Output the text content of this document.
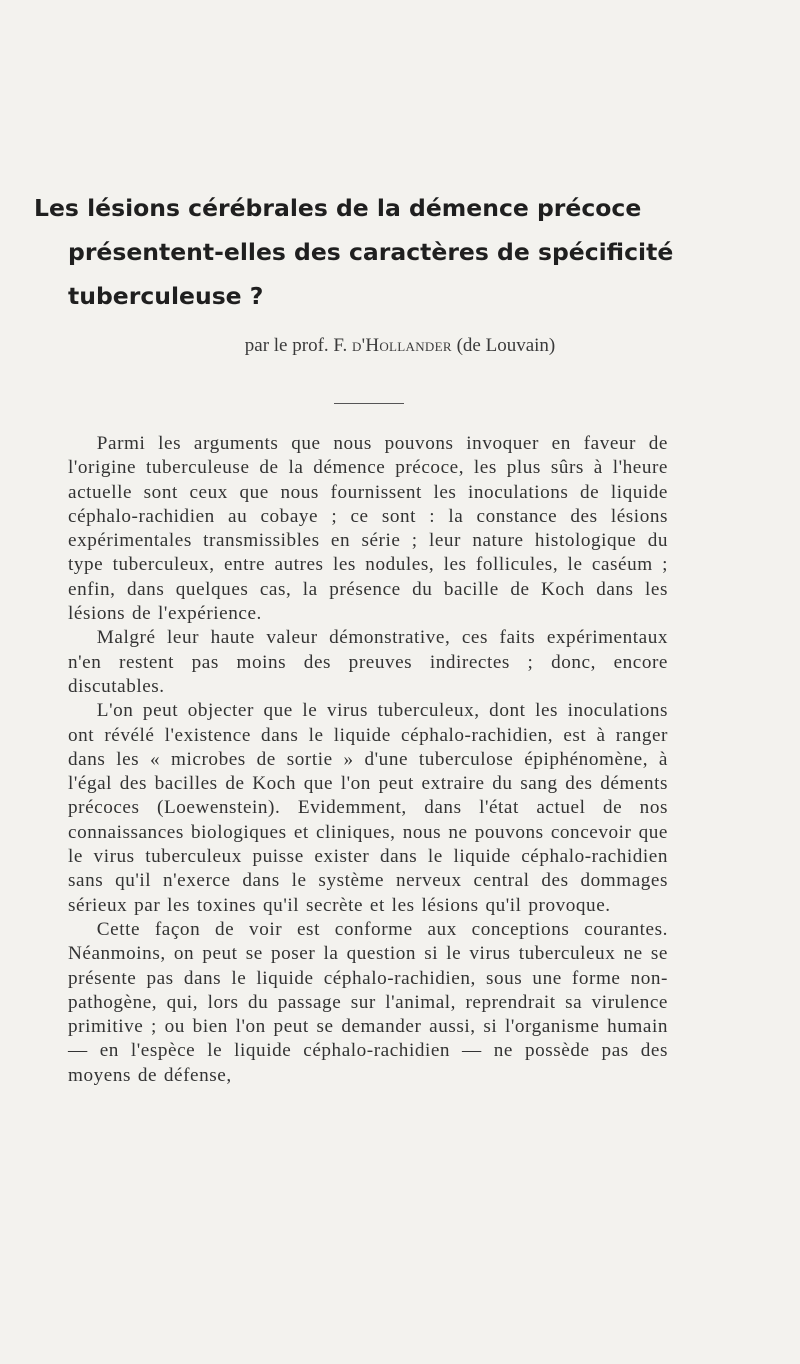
Les lésions cérébrales de la démence précoce
présentent-elles des caractères de spécificité
tuberculeuse ?
par le prof. F. d'Hollander (de Louvain)

Parmi les arguments que nous pouvons invoquer en faveur de l'origine tuberculeuse de la démence précoce, les plus sûrs à l'heure actuelle sont ceux que nous fournissent les inoculations de liquide céphalo-rachidien au cobaye ; ce sont : la constance des lésions expérimentales transmissibles en série ; leur nature histologique du type tuberculeux, entre autres les nodules, les follicules, le caséum ; enfin, dans quelques cas, la présence du bacille de Koch dans les lésions de l'expérience.

Malgré leur haute valeur démonstrative, ces faits expérimentaux n'en restent pas moins des preuves indirectes ; donc, encore discutables.

L'on peut objecter que le virus tuberculeux, dont les inoculations ont révélé l'existence dans le liquide céphalo-rachidien, est à ranger dans les « microbes de sortie » d'une tuberculose épiphénomène, à l'égal des bacilles de Koch que l'on peut extraire du sang des déments précoces (Loewenstein). Evidemment, dans l'état actuel de nos connaissances biologiques et cliniques, nous ne pouvons concevoir que le virus tuberculeux puisse exister dans le liquide céphalo-rachidien sans qu'il n'exerce dans le système nerveux central des dommages sérieux par les toxines qu'il secrète et les lésions qu'il provoque.

Cette façon de voir est conforme aux conceptions courantes. Néanmoins, on peut se poser la question si le virus tuberculeux ne se présente pas dans le liquide céphalo-rachidien, sous une forme non-pathogène, qui, lors du passage sur l'animal, reprendrait sa virulence primitive ; ou bien l'on peut se demander aussi, si l'organisme humain — en l'espèce le liquide céphalo-rachidien — ne possède pas des moyens de défense,
